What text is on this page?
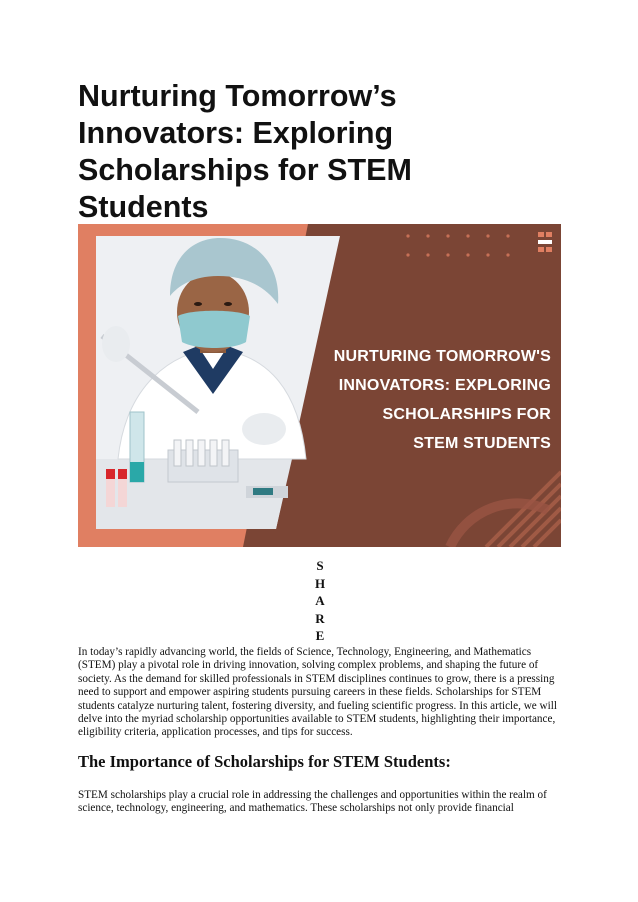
Nurturing Tomorrow’s Innovators: Exploring Scholarships for STEM Students
NURTURING TOMORROW'S
INNOVATORS: EXPLORING
SCHOLARSHIPS FOR
STEM STUDENTS
S
H
A
R
E

In today’s rapidly advancing world, the fields of Science, Technology, Engineering, and Mathematics (STEM) play a pivotal role in driving innovation, solving complex problems, and shaping the future of society. As the demand for skilled professionals in STEM disciplines continues to grow, there is a pressing need to support and empower aspiring students pursuing careers in these fields. Scholarships for STEM students catalyze nurturing talent, fostering diversity, and fueling scientific progress. In this article, we will delve into the myriad scholarship opportunities available to STEM students, highlighting their importance, eligibility criteria, application processes, and tips for success.

The Importance of Scholarships for STEM Students:

STEM scholarships play a crucial role in addressing the challenges and opportunities within the realm of science, technology, engineering, and mathematics. These scholarships not only provide financial
